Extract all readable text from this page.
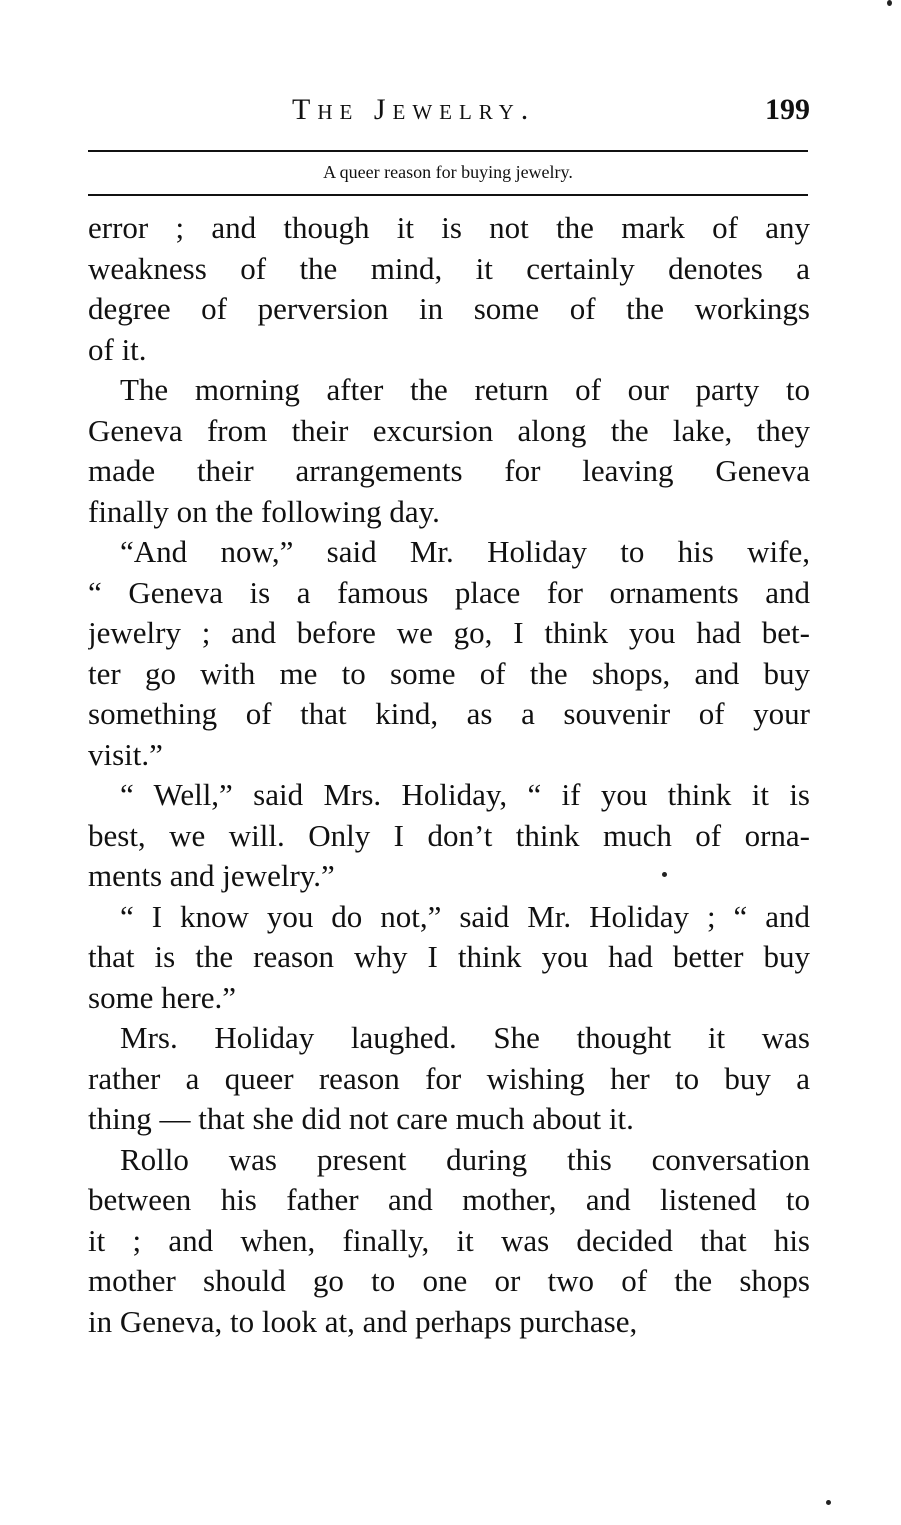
The Jewelry.	199
A queer reason for buying jewelry.
error ; and though it is not the mark of any
weakness of the mind, it certainly denotes a
degree of perversion in some of the workings
of it.
The morning after the return of our party to
Geneva from their excursion along the lake, they
made their arrangements for leaving Geneva
finally on the following day.
“And now,” said Mr. Holiday to his wife,
“ Geneva is a famous place for ornaments and
jewelry ; and before we go, I think you had bet-
ter go with me to some of the shops, and buy
something of that kind, as a souvenir of your
visit.”
“ Well,” said Mrs. Holiday, “ if you think it is
best, we will. Only I don’t think much of orna-
ments and jewelry.”
“ I know you do not,” said Mr. Holiday ; “ and
that is the reason why I think you had better buy
some here.”
Mrs. Holiday laughed. She thought it was
rather a queer reason for wishing her to buy a
thing — that she did not care much about it.
Rollo was present during this conversation
between his father and mother, and listened to
it ; and when, finally, it was decided that his
mother should go to one or two of the shops
in Geneva, to look at, and perhaps purchase,
